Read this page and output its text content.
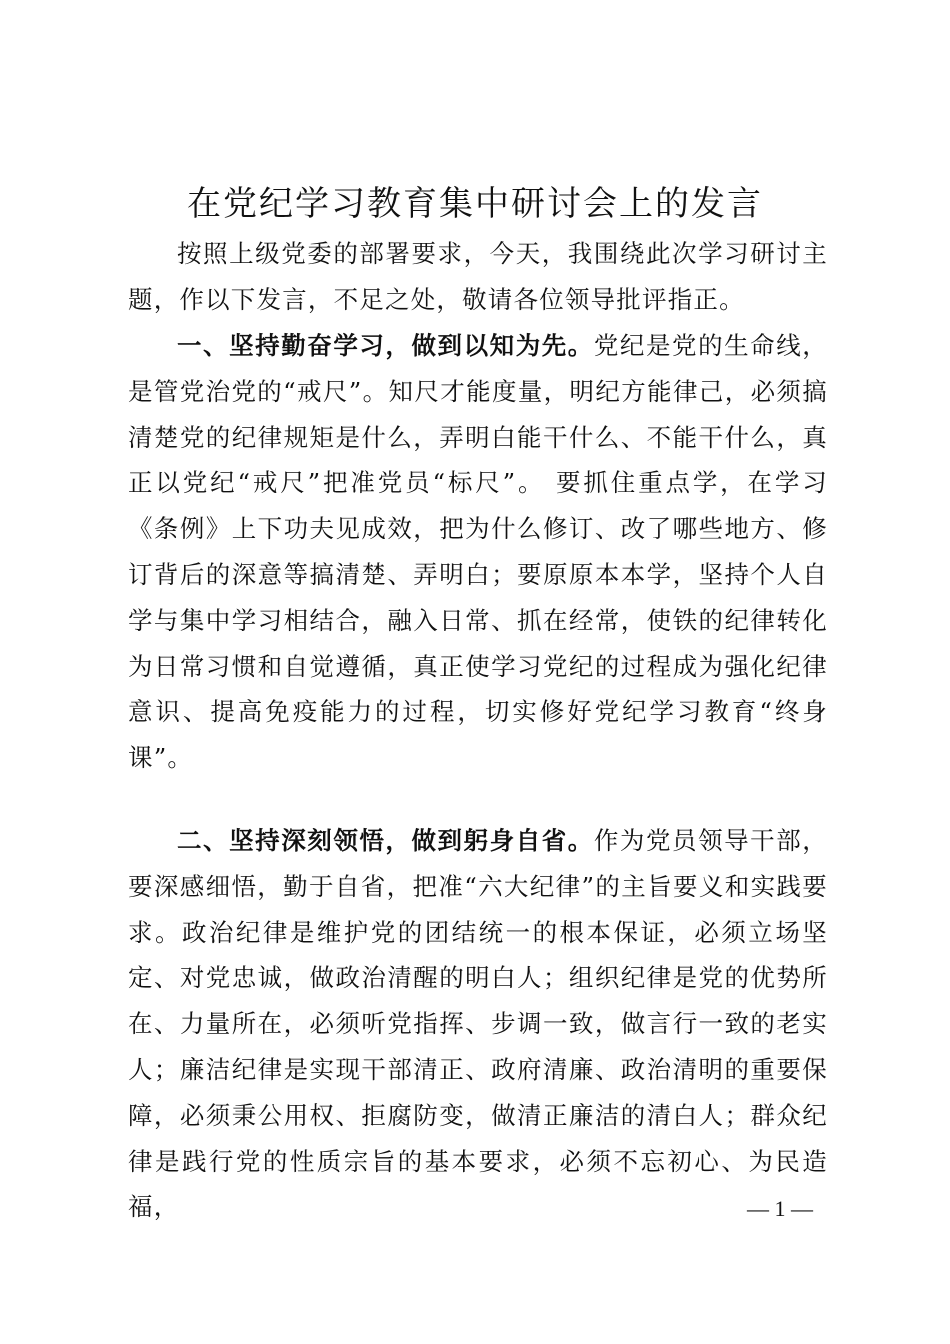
在党纪学习教育集中研讨会上的发言

按照上级党委的部署要求，今天，我围绕此次学习研讨主题，作以下发言，不足之处，敬请各位领导批评指正。

一、坚持勤奋学习，做到以知为先。党纪是党的生命线，是管党治党的“戒尺”。知尺才能度量，明纪方能律己，必须搞清楚党的纪律规矩是什么，弄明白能干什么、不能干什么，真正以党纪“戒尺”把准党员“标尺”。 要抓住重点学，在学习《条例》上下功夫见成效，把为什么修订、改了哪些地方、修订背后的深意等搞清楚、弄明白；要原原本本学，坚持个人自学与集中学习相结合，融入日常、抓在经常，使铁的纪律转化为日常习惯和自觉遵循，真正使学习党纪的过程成为强化纪律意识、提高免疫能力的过程，切实修好党纪学习教育“终身课”。

二、坚持深刻领悟，做到躬身自省。作为党员领导干部，要深感细悟，勤于自省，把准“六大纪律”的主旨要义和实践要求。政治纪律是维护党的团结统一的根本保证，必须立场坚定、对党忠诚，做政治清醒的明白人；组织纪律是党的优势所在、力量所在，必须听党指挥、步调一致，做言行一致的老实人；廉洁纪律是实现干部清正、政府清廉、政治清明的重要保障，必须秉公用权、拒腐防变，做清正廉洁的清白人；群众纪律是践行党的性质宗旨的基本要求，必须不忘初心、为民造福，	— 1 —
